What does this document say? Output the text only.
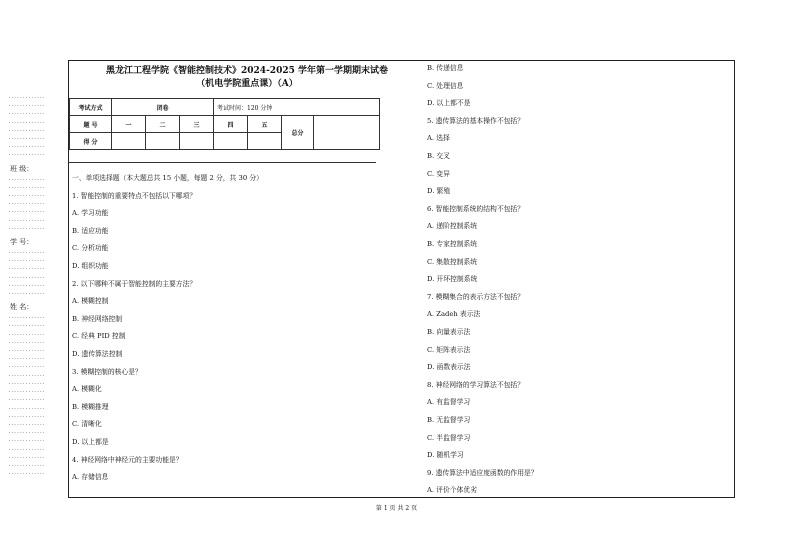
·············
·············
·············
·············
·············
·············
·············
·············
班 级：
·············
·············
·············
·············
·············
·············
·············
学 号：
·············
·············
·············
·············
·············
·············
姓 名：
·············
·············
·············
·············
·············
·············
·············
·············
·············
·············
·············
·············
·············
·············
·············
·············
·············
·············
·············
·············
黑龙江工程学院《智能控制技术》2024-2025 学年第一学期期末试卷
（机电学院重点课）（A）
考试方式	闭卷			考试时间：120 分钟			
题 号	一	二	三	四	五	总分	
得 分							
一、单项选择题（本大题总共 15 小题，每题 2 分，共 30 分）
1. 智能控制的重要特点不包括以下哪项？
A. 学习功能
B. 适应功能
C. 分析功能
D. 组织功能
2. 以下哪种不属于智能控制的主要方法？
A. 模糊控制
B. 神经网络控制
C. 经典 PID 控制
D. 遗传算法控制
3. 模糊控制的核心是？
A. 模糊化
B. 模糊推理
C. 清晰化
D. 以上都是
4. 神经网络中神经元的主要功能是？
A. 存储信息
B. 传递信息
C. 处理信息
D. 以上都不是
5. 遗传算法的基本操作不包括？
A. 选择
B. 交叉
C. 变异
D. 繁殖
6. 智能控制系统的结构不包括？
A. 递阶控制系统
B. 专家控制系统
C. 集散控制系统
D. 开环控制系统
7. 模糊集合的表示方法不包括？
A. Zadeh 表示法
B. 向量表示法
C. 矩阵表示法
D. 函数表示法
8. 神经网络的学习算法不包括？
A. 有监督学习
B. 无监督学习
C. 半监督学习
D. 随机学习
9. 遗传算法中适应度函数的作用是？
A. 评价个体优劣
第 1 页 共 2 页
